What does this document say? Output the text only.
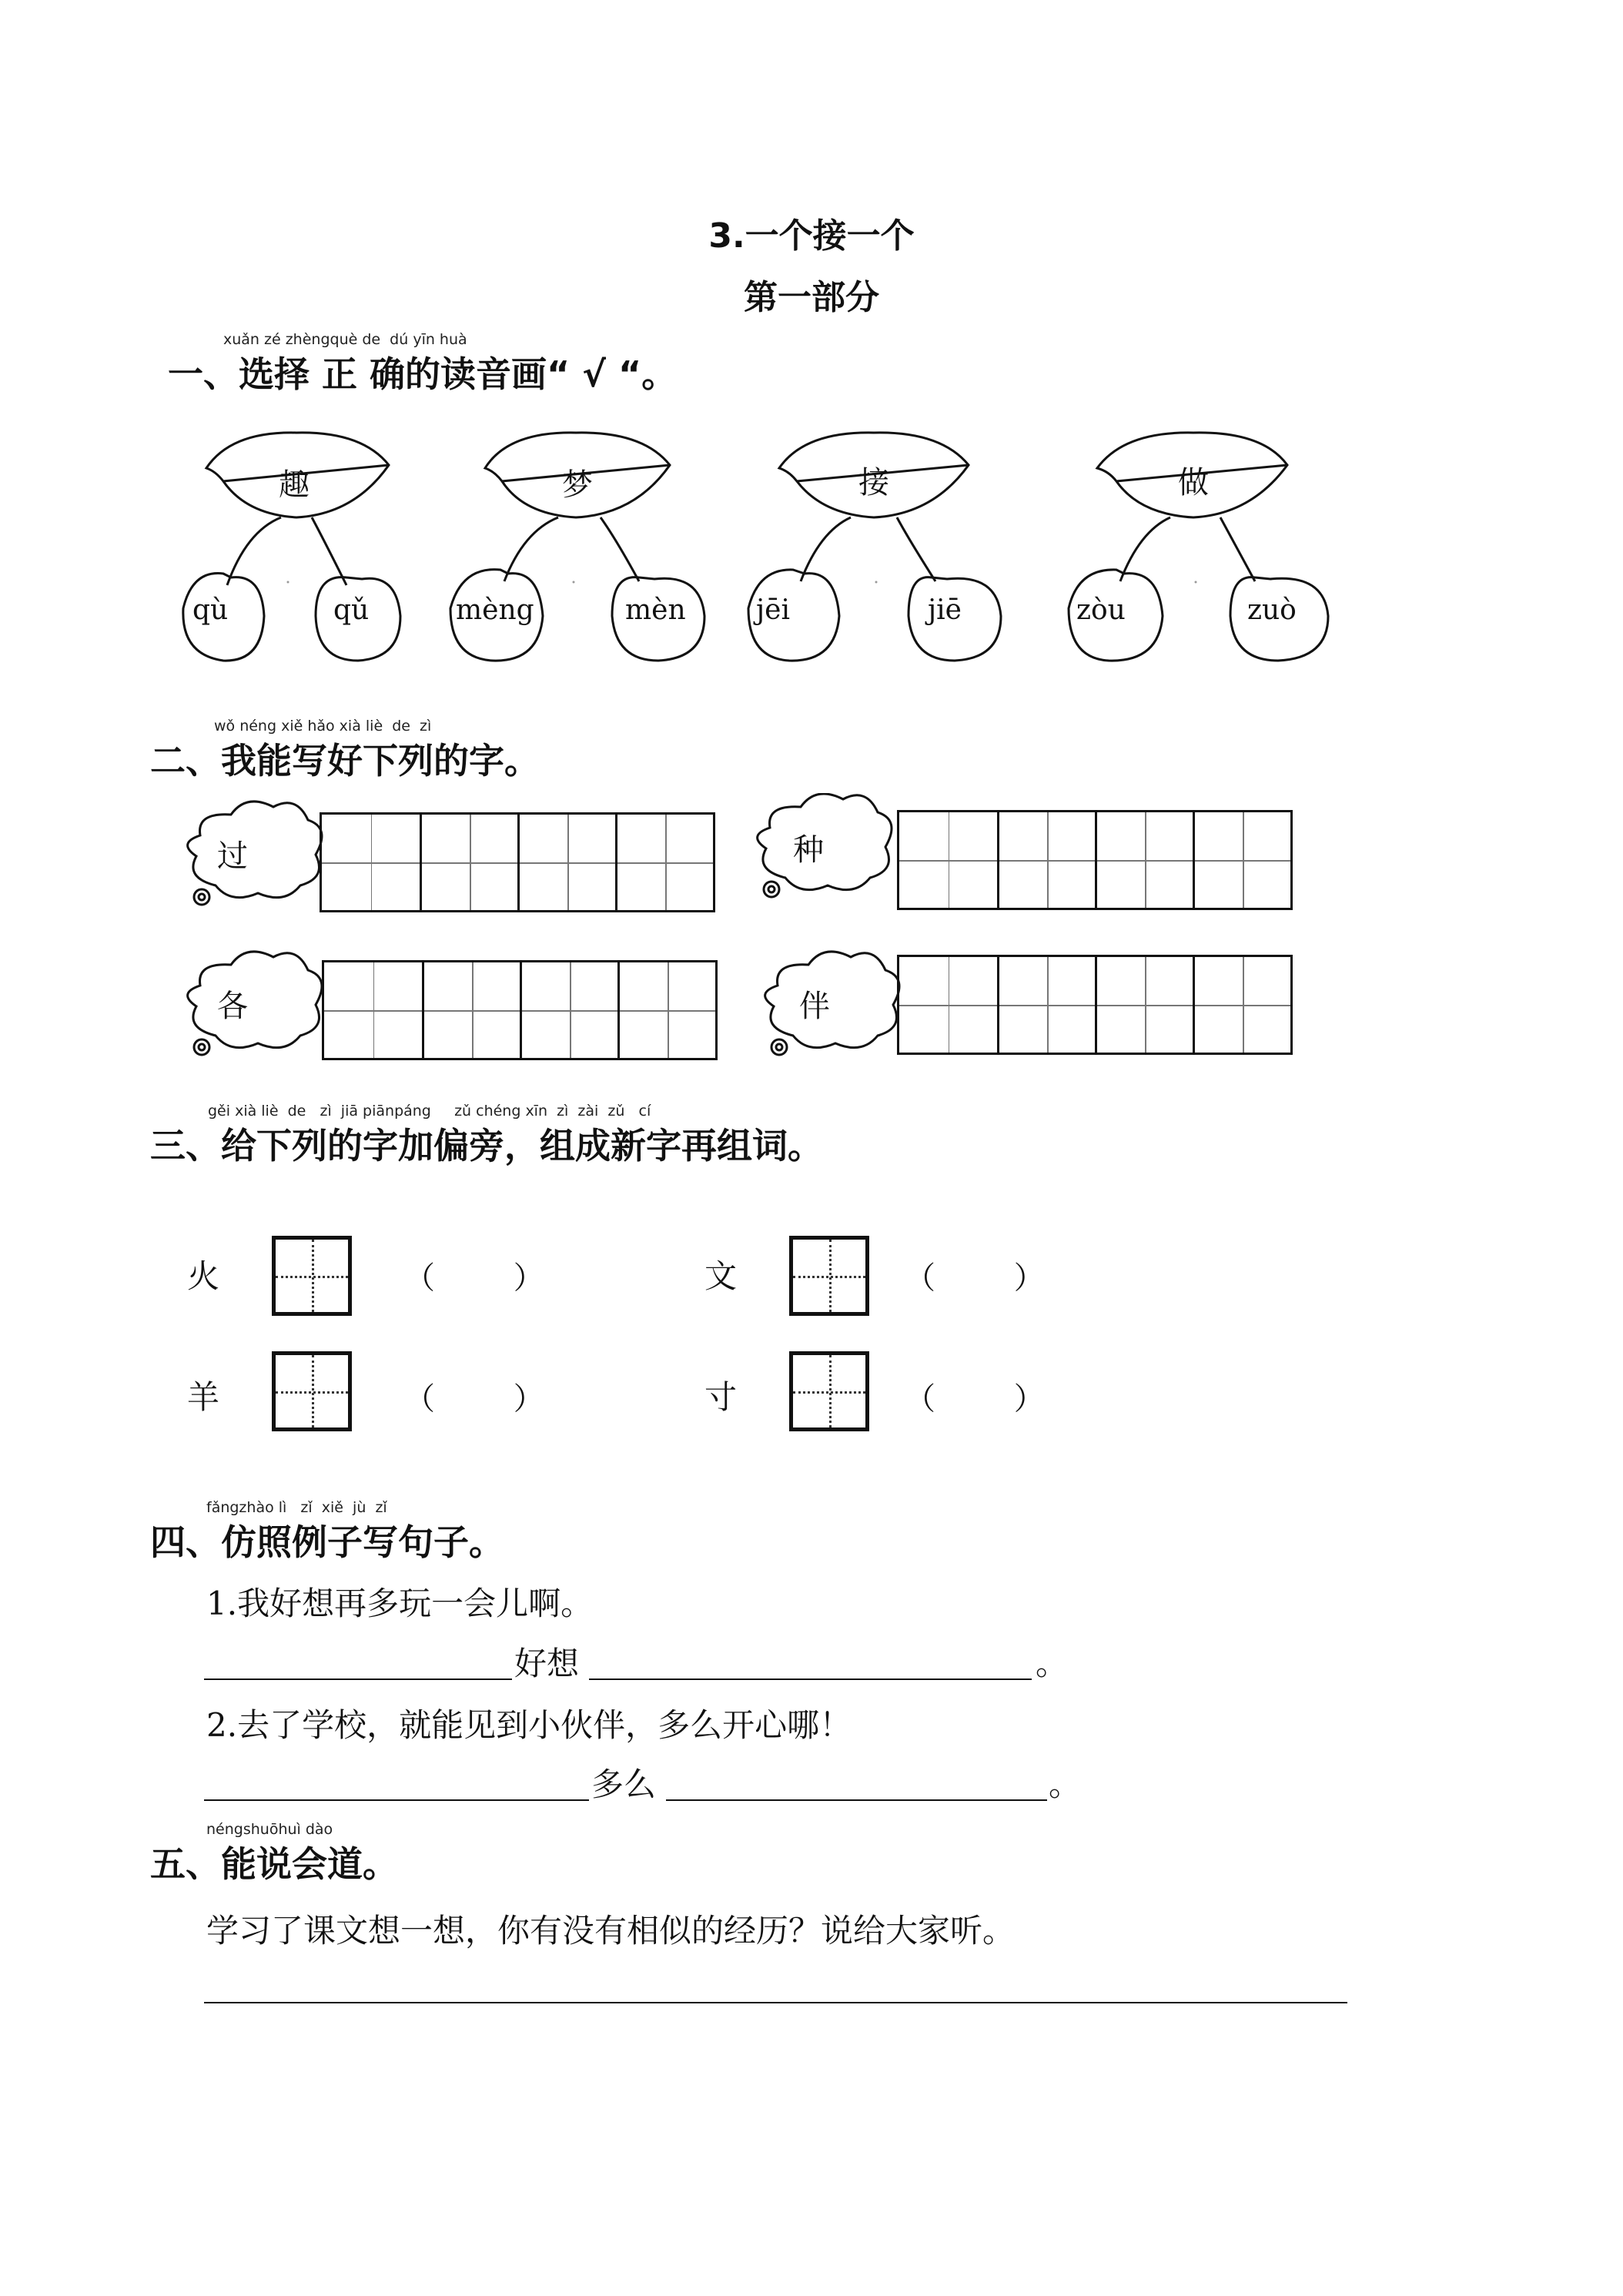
3.一个接一个
第一部分
xuǎn zé zhèngquè de  dú yīn huà
一、选择 正 确的读音画“ √ “。
趣	梦	接	做
qù	qǔ	mèng	mèn	jēi	jiē	zòu	zuò
wǒ néng xiě hǎo xià liè  de  zì
二、我能写好下列的字。
过	种
各	伴
gěi xià liè  de   zì  jiā piānpáng     zǔ chéng xīn  zì  zài  zǔ   cí
三、给下列的字加偏旁，组成新字再组词。
火	（        ）	文	（        ）
羊	（        ）	寸	（        ）
fǎngzhào lì   zǐ  xiě  jù  zǐ
四、仿照例子写句子。
1.我好想再多玩一会儿啊。
好想	。
2.去了学校，就能见到小伙伴，多么开心哪！
多么	。
néngshuōhuì dào
五、能说会道。
学习了课文想一想，你有没有相似的经历？说给大家听。
